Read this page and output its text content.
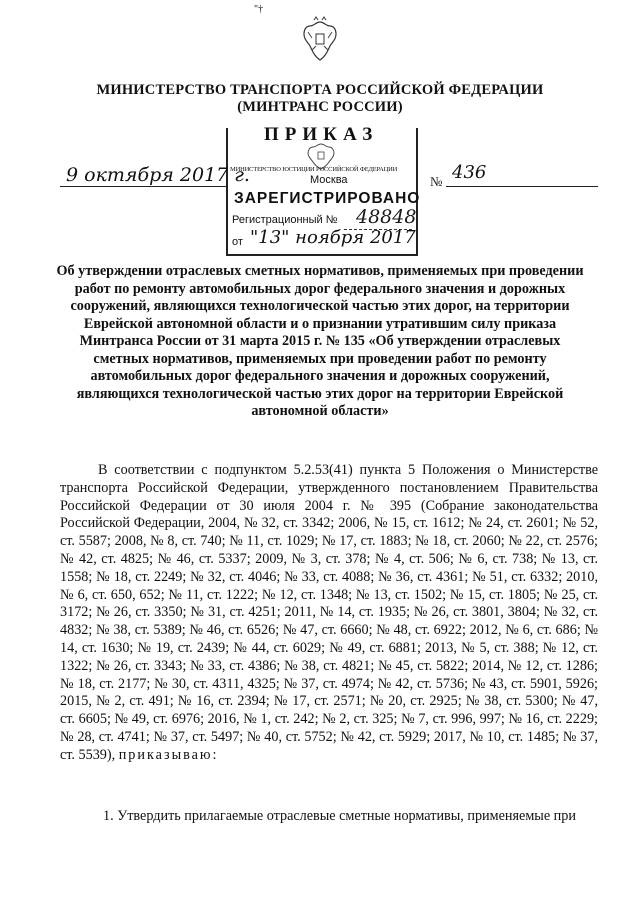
"†
МИНИСТЕРСТВО ТРАНСПОРТА РОССИЙСКОЙ ФЕДЕРАЦИИ
(МИНТРАНС РОССИИ)
ПРИКАЗ
МИНИСТЕРСТВО ЮСТИЦИИ РОССИЙСКОЙ ФЕДЕРАЦИИ
Москва
ЗАРЕГИСТРИРОВАНО
Регистрационный № 48848
от "13" ноября 2017
9 октября 2017 г.	№ 436
Об утверждении отраслевых сметных нормативов, применяемых при проведении работ по ремонту автомобильных дорог федерального значения и дорожных сооружений, являющихся технологической частью этих дорог, на территории Еврейской автономной области и о признании утратившим силу приказа Минтранса России от 31 марта 2015 г. № 135 «Об утверждении отраслевых сметных нормативов, применяемых при проведении работ по ремонту автомобильных дорог федерального значения и дорожных сооружений, являющихся технологической частью этих дорог на территории Еврейской автономной области»
В соответствии с подпунктом 5.2.53(41) пункта 5 Положения о Министерстве транспорта Российской Федерации, утвержденного постановлением Правительства Российской Федерации от 30 июля 2004 г. № 395 (Собрание законодательства Российской Федерации, 2004, № 32, ст. 3342; 2006, № 15, ст. 1612; № 24, ст. 2601; № 52, ст. 5587; 2008, № 8, ст. 740; № 11, ст. 1029; № 17, ст. 1883; № 18, ст. 2060; № 22, ст. 2576; № 42, ст. 4825; № 46, ст. 5337; 2009, № 3, ст. 378; № 4, ст. 506; № 6, ст. 738; № 13, ст. 1558; № 18, ст. 2249; № 32, ст. 4046; № 33, ст. 4088; № 36, ст. 4361; № 51, ст. 6332; 2010, № 6, ст. 650, 652; № 11, ст. 1222; № 12, ст. 1348; № 13, ст. 1502; № 15, ст. 1805; № 25, ст. 3172; № 26, ст. 3350; № 31, ст. 4251; 2011, № 14, ст. 1935; № 26, ст. 3801, 3804; № 32, ст. 4832; № 38, ст. 5389; № 46, ст. 6526; № 47, ст. 6660; № 48, ст. 6922; 2012, № 6, ст. 686; № 14, ст. 1630; № 19, ст. 2439; № 44, ст. 6029; № 49, ст. 6881; 2013, № 5, ст. 388; № 12, ст. 1322; № 26, ст. 3343; № 33, ст. 4386; № 38, ст. 4821; № 45, ст. 5822; 2014, № 12, ст. 1286; № 18, ст. 2177; № 30, ст. 4311, 4325; № 37, ст. 4974; № 42, ст. 5736; № 43, ст. 5901, 5926; 2015, № 2, ст. 491; № 16, ст. 2394; № 17, ст. 2571; № 20, ст. 2925; № 38, ст. 5300; № 47, ст. 6605; № 49, ст. 6976; 2016, № 1, ст. 242; № 2, ст. 325; № 7, ст. 996, 997; № 16, ст. 2229; № 28, ст. 4741; № 37, ст. 5497; № 40, ст. 5752; № 42, ст. 5929; 2017, № 10, ст. 1485; № 37, ст. 5539), приказываю:
1. Утвердить прилагаемые отраслевые сметные нормативы, применяемые при
